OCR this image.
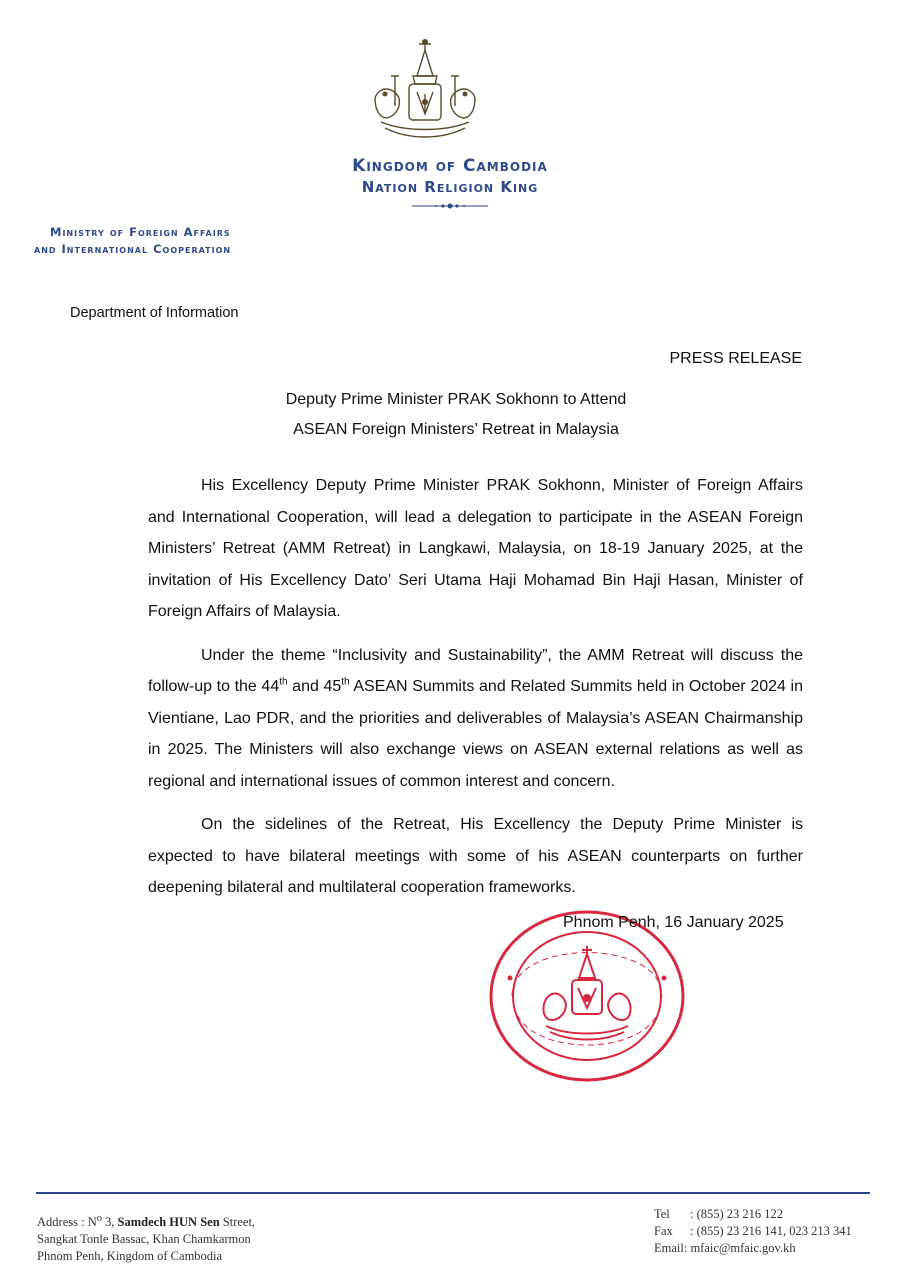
Kingdom of Cambodia
Nation Religion King
Ministry of Foreign Affairs
and International Cooperation
Department of Information
PRESS RELEASE
Deputy Prime Minister PRAK Sokhonn to Attend
ASEAN Foreign Ministers’ Retreat in Malaysia

His Excellency Deputy Prime Minister PRAK Sokhonn, Minister of Foreign Affairs and International Cooperation, will lead a delegation to participate in the ASEAN Foreign Ministers’ Retreat (AMM Retreat) in Langkawi, Malaysia, on 18-19 January 2025, at the invitation of His Excellency Dato’ Seri Utama Haji Mohamad Bin Haji Hasan, Minister of Foreign Affairs of Malaysia.

Under the theme “Inclusivity and Sustainability”, the AMM Retreat will discuss the follow-up to the 44th and 45th ASEAN Summits and Related Summits held in October 2024 in Vientiane, Lao PDR, and the priorities and deliverables of Malaysia’s ASEAN Chairmanship in 2025. The Ministers will also exchange views on ASEAN external relations as well as regional and international issues of common interest and concern.

On the sidelines of the Retreat, His Excellency the Deputy Prime Minister is expected to have bilateral meetings with some of his ASEAN counterparts on further deepening bilateral and multilateral cooperation frameworks.

Phnom Penh, 16 January 2025
Address : $N^o$ 3, Samdech HUN Sen Street,
Sangkat Tonle Bassac, Khan Chamkarmon
Phnom Penh, Kingdom of Cambodia
Tel	: (855) 23 216 122
Fax	: (855) 23 216 141, 023 213 341
Email : mfaic@mfaic.gov.kh
